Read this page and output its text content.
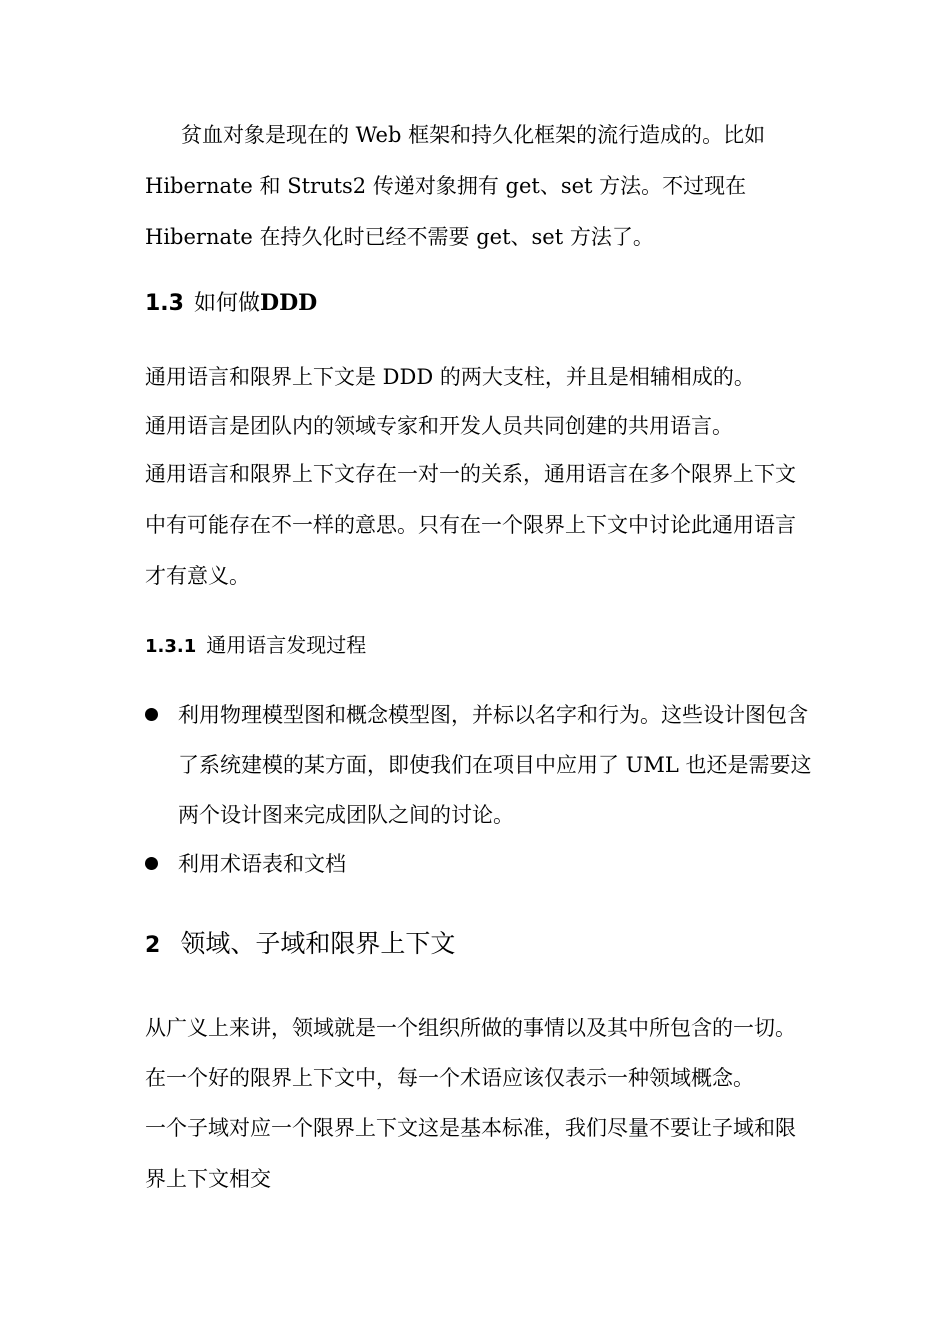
贫血对象是现在的 Web 框架和持久化框架的流行造成的。比如 Hibernate 和 Struts2 传递对象拥有 get、set 方法。不过现在 Hibernate 在持久化时已经不需要 get、set 方法了。

1.3 如何做DDD

通用语言和限界上下文是 DDD 的两大支柱，并且是相辅相成的。

通用语言是团队内的领域专家和开发人员共同创建的共用语言。

通用语言和限界上下文存在一对一的关系，通用语言在多个限界上下文中有可能存在不一样的意思。只有在一个限界上下文中讨论此通用语言才有意义。

1.3.1 通用语言发现过程
利用物理模型图和概念模型图，并标以名字和行为。这些设计图包含了系统建模的某方面，即使我们在项目中应用了 UML 也还是需要这两个设计图来完成团队之间的讨论。
利用术语表和文档
2 领域、子域和限界上下文

从广义上来讲，领域就是一个组织所做的事情以及其中所包含的一切。

在一个好的限界上下文中，每一个术语应该仅表示一种领域概念。

一个子域对应一个限界上下文这是基本标准，我们尽量不要让子域和限界上下文相交
